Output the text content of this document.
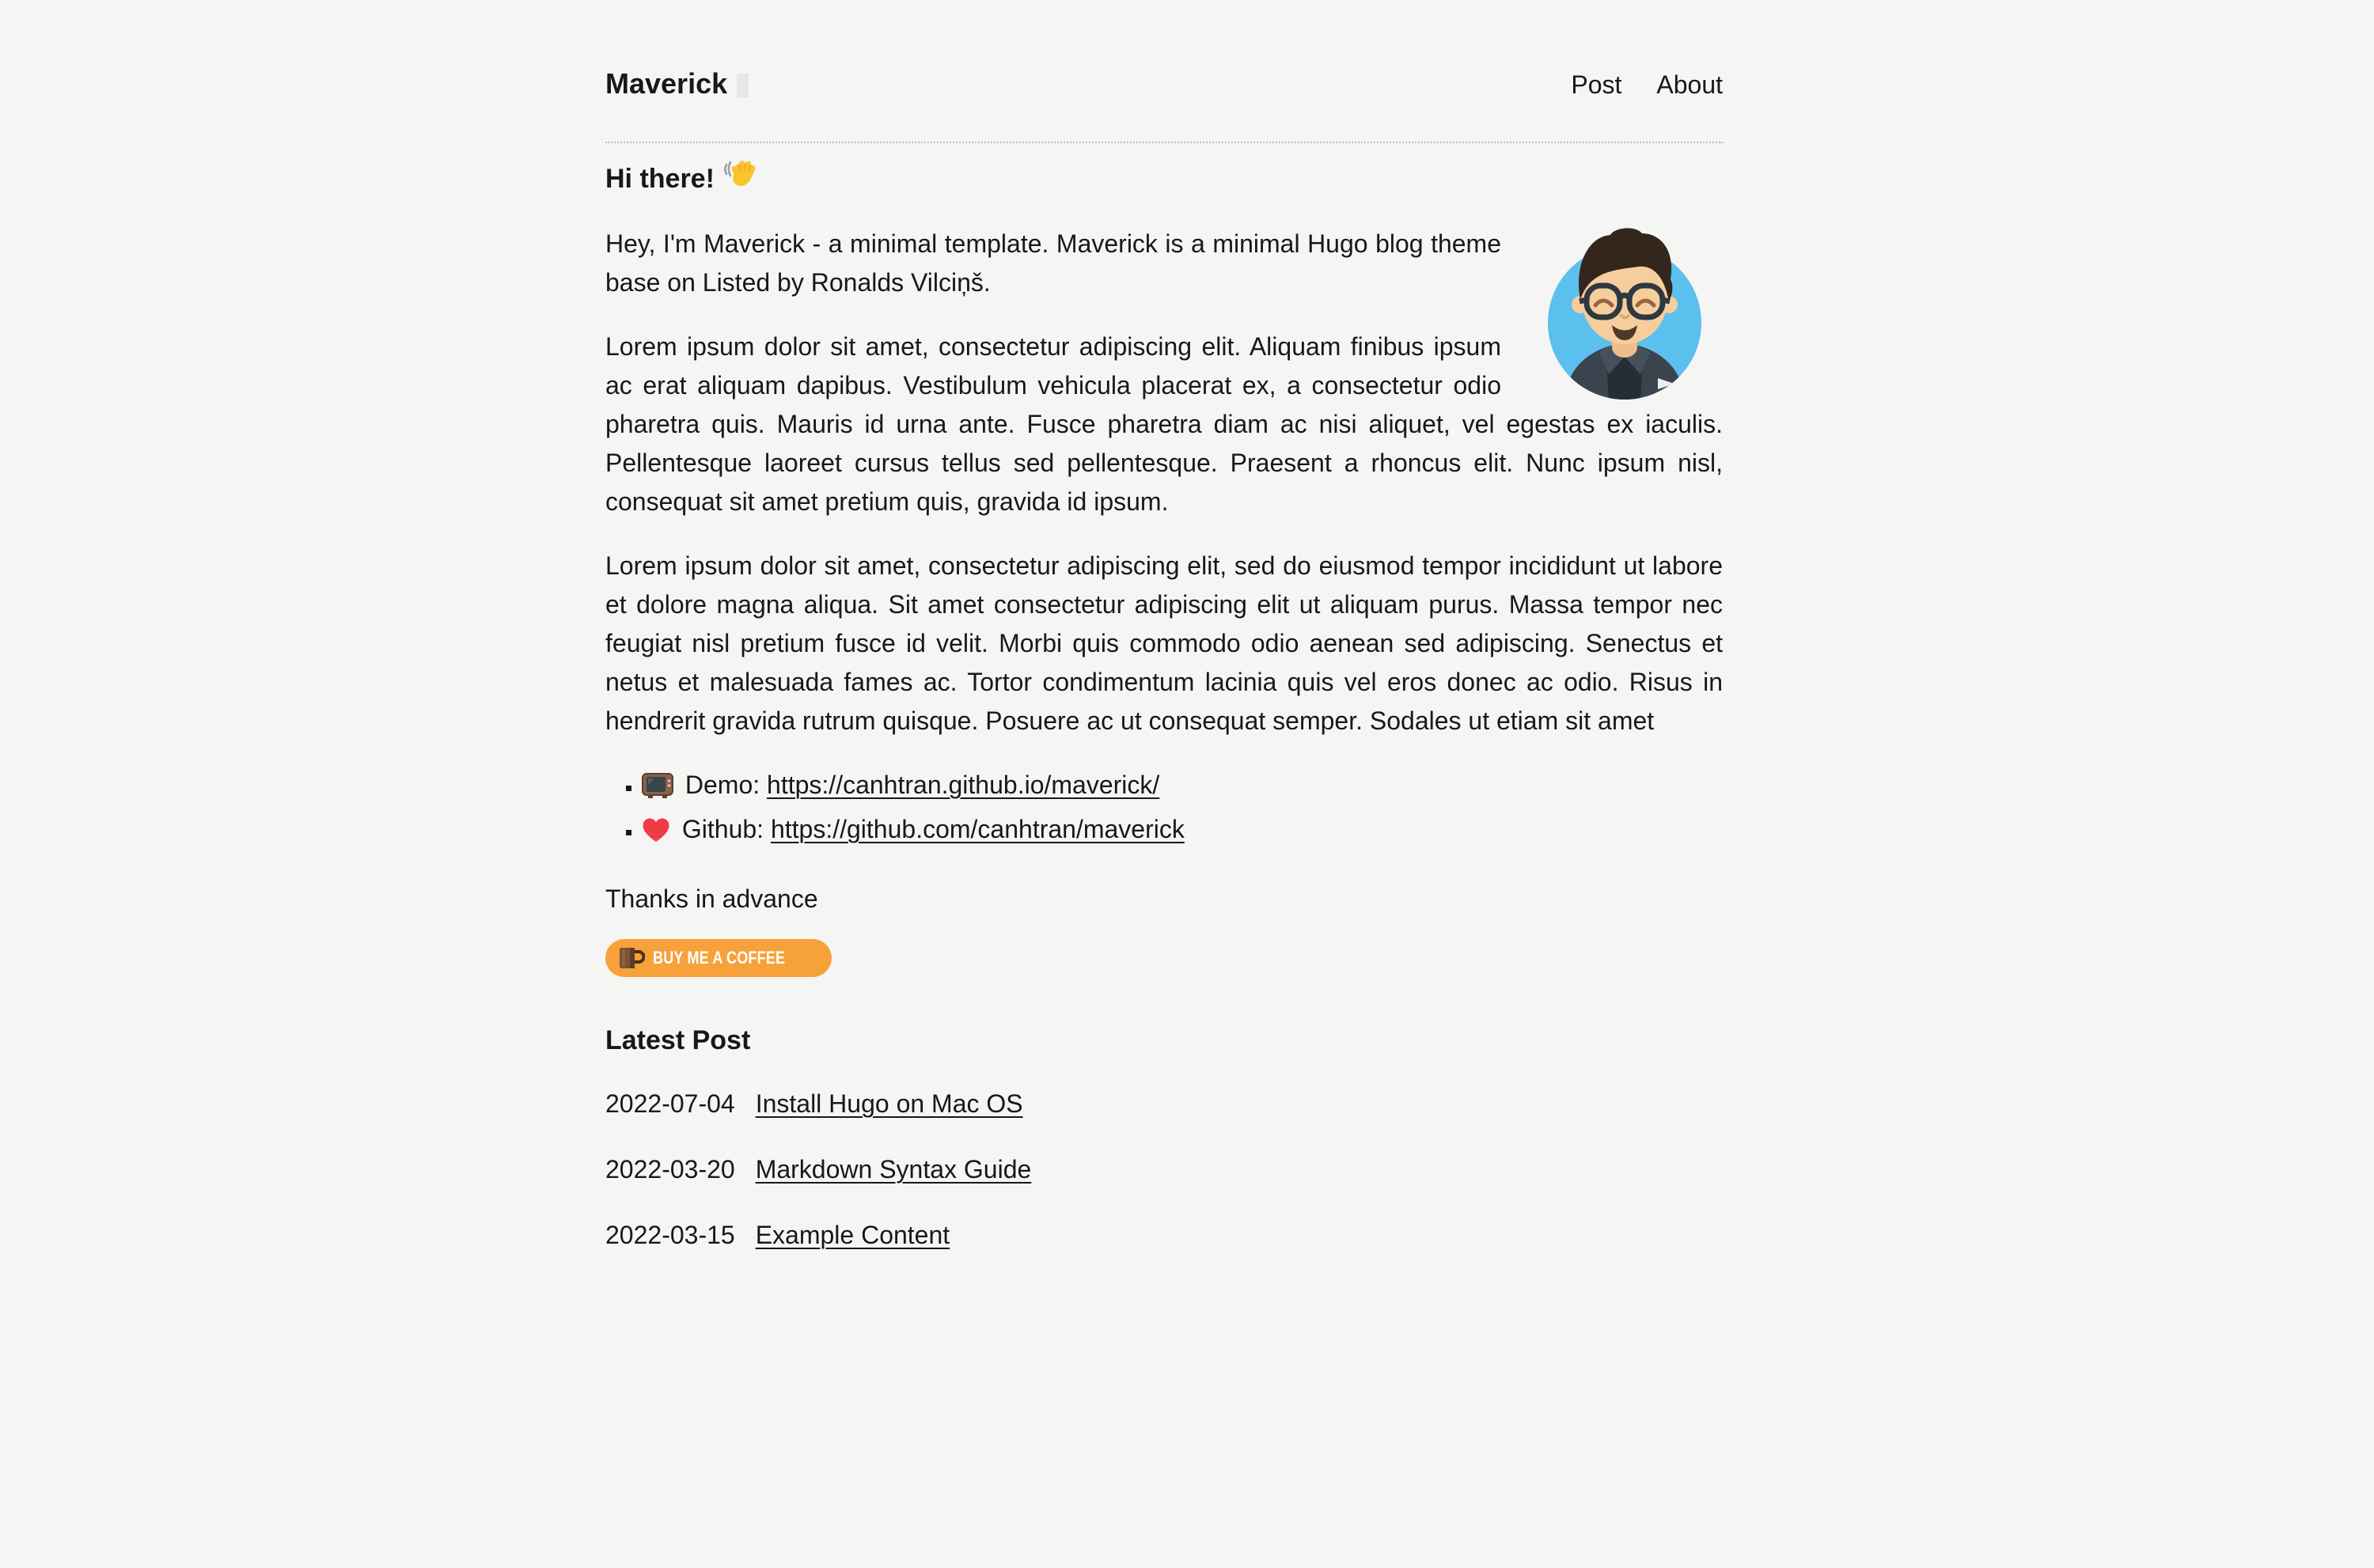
Maverick	Post About
Hi there!

Hey, I'm Maverick - a minimal template. Maverick is a minimal Hugo blog theme base on Listed by Ronalds Vilciņš.

Lorem ipsum dolor sit amet, consectetur adipiscing elit. Aliquam finibus ipsum ac erat aliquam dapibus. Vestibulum vehicula placerat ex, a consectetur odio pharetra quis. Mauris id urna ante. Fusce pharetra diam ac nisi aliquet, vel egestas ex iaculis. Pellentesque laoreet cursus tellus sed pellentesque. Praesent a rhoncus elit. Nunc ipsum nisl, consequat sit amet pretium quis, gravida id ipsum.

Lorem ipsum dolor sit amet, consectetur adipiscing elit, sed do eiusmod tempor incididunt ut labore et dolore magna aliqua. Sit amet consectetur adipiscing elit ut aliquam purus. Massa tempor nec feugiat nisl pretium fusce id velit. Morbi quis commodo odio aenean sed adipiscing. Senectus et netus et malesuada fames ac. Tortor condimentum lacinia quis vel eros donec ac odio. Risus in hendrerit gravida rutrum quisque. Posuere ac ut consequat semper. Sodales ut etiam sit amet

▪ Demo: https://canhtran.github.io/maverick/
▪ Github: https://github.com/canhtran/maverick

Thanks in advance

BUY ME A COFFEE
Latest Post
2022-07-04 Install Hugo on Mac OS
2022-03-20 Markdown Syntax Guide
2022-03-15 Example Content
